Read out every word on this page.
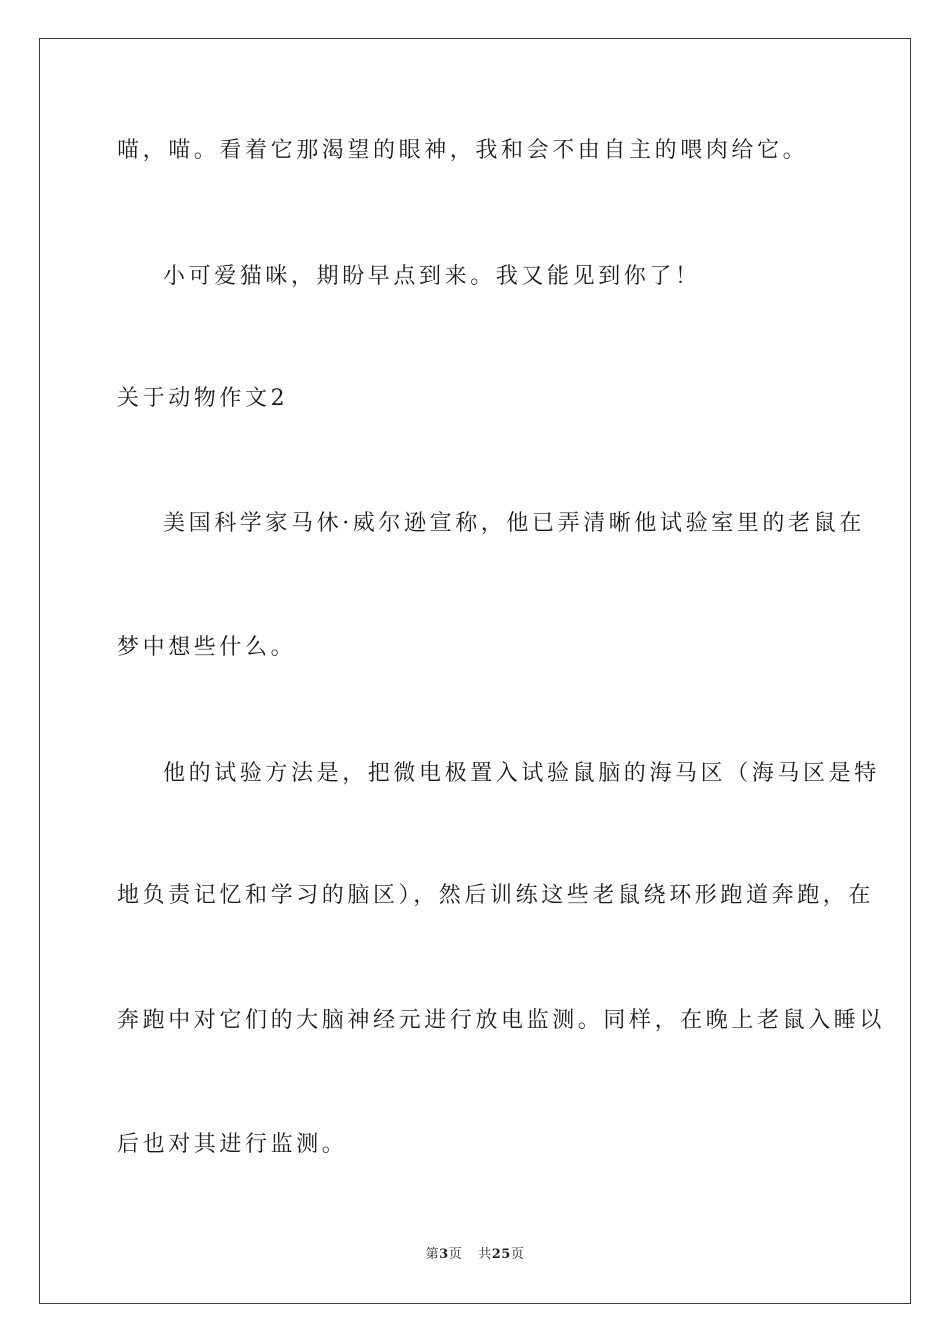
喵，喵。看着它那渴望的眼神，我和会不由自主的喂肉给它。
小可爱猫咪，期盼早点到来。我又能见到你了！
关于动物作文2
美国科学家马休·威尔逊宣称，他已弄清晰他试验室里的老鼠在
梦中想些什么。
他的试验方法是，把微电极置入试验鼠脑的海马区（海马区是特
地负责记忆和学习的脑区），然后训练这些老鼠绕环形跑道奔跑，在
奔跑中对它们的大脑神经元进行放电监测。同样，在晚上老鼠入睡以
后也对其进行监测。
第3页 共25页
